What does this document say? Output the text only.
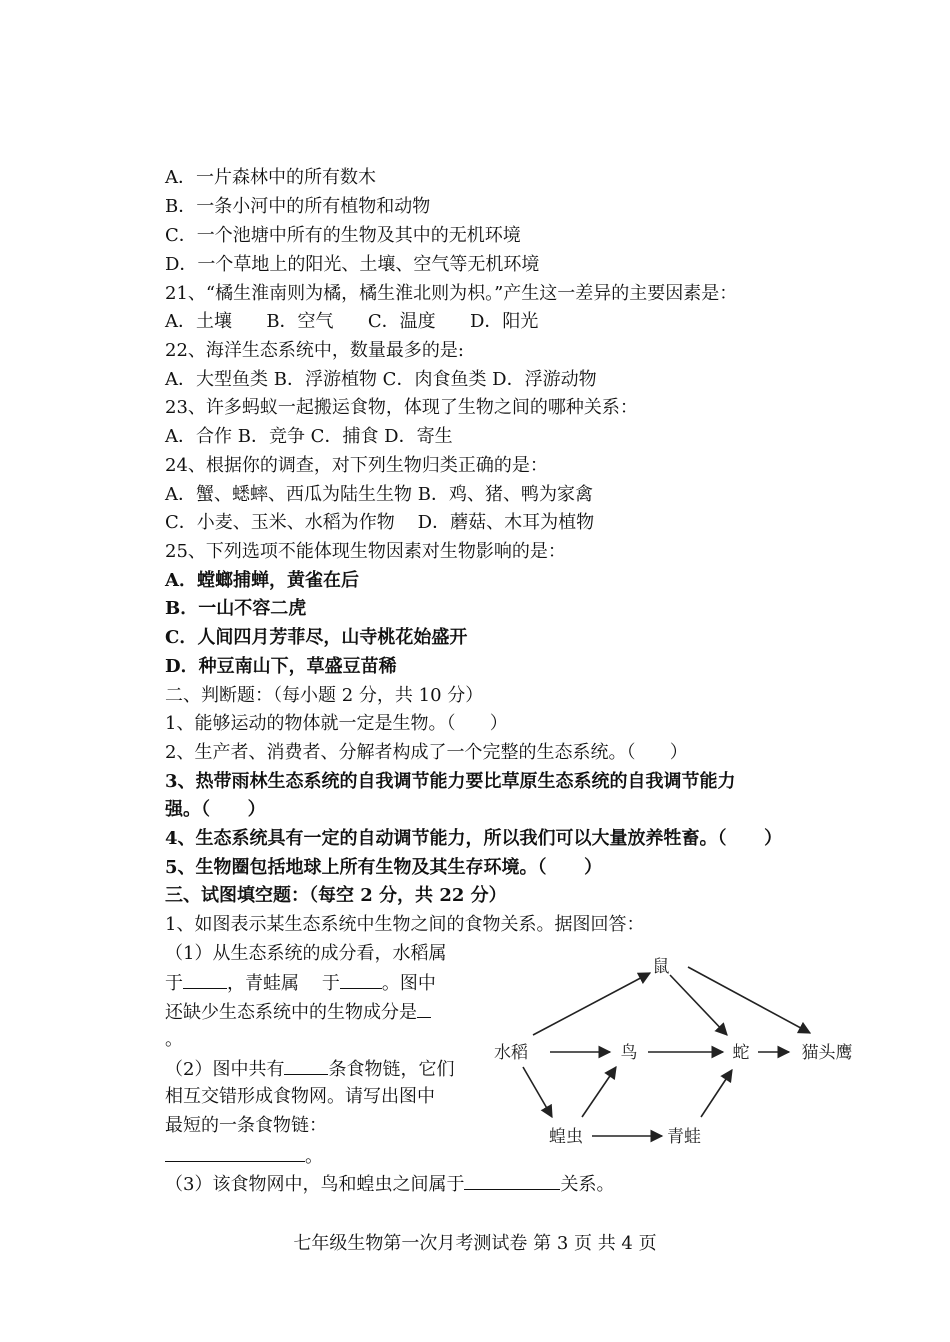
A．一片森林中的所有数木
B．一条小河中的所有植物和动物
C．一个池塘中所有的生物及其中的无机环境
D．一个草地上的阳光、土壤、空气等无机环境
21、“橘生淮南则为橘，橘生淮北则为枳。”产生这一差异的主要因素是：
A．土壤      B．空气      C．温度      D．阳光
22、海洋生态系统中，数量最多的是:
A．大型鱼类 B．浮游植物 C．肉食鱼类 D．浮游动物
23、许多蚂蚁一起搬运食物，体现了生物之间的哪种关系：
A．合作 B．竞争 C．捕食 D．寄生
24、根据你的调查，对下列生物归类正确的是：
A．蟹、蟋蟀、西瓜为陆生生物 B．鸡、猪、鸭为家禽
C．小麦、玉米、水稻为作物    D．蘑菇、木耳为植物
25、下列选项不能体现生物因素对生物影响的是：
A．螳螂捕蝉，黄雀在后
B．一山不容二虎
C．人间四月芳菲尽，山寺桃花始盛开
D．种豆南山下，草盛豆苗稀
二、判断题：（每小题 2 分，共 10 分）
1、能够运动的物体就一定是生物。（      ）
2、生产者、消费者、分解者构成了一个完整的生态系统。（      ）
3、热带雨林生态系统的自我调节能力要比草原生态系统的自我调节能力
强。（      ）
4、生态系统具有一定的自动调节能力，所以我们可以大量放养牲畜。（      ）
5、生物圈包括地球上所有生物及其生存环境。（      ）
三、试图填空题：（每空 2 分，共 22 分）
1、如图表示某生态系统中生物之间的食物关系。据图回答：
（1）从生态系统的成分看，水稻属
于 ，青蛙属    于 。图中
还缺少生态系统中的生物成分是
。
（2）图中共有 条食物链，它们
相互交错形成食物网。请写出图中
最短的一条食物链：
。
（3）该食物网中，鸟和蝗虫之间属于	关系。
鼠
水稻	鸟	蛇	猫头鹰
蝗虫	青蛙
七年级生物第一次月考测试卷 第 3 页 共 4 页
